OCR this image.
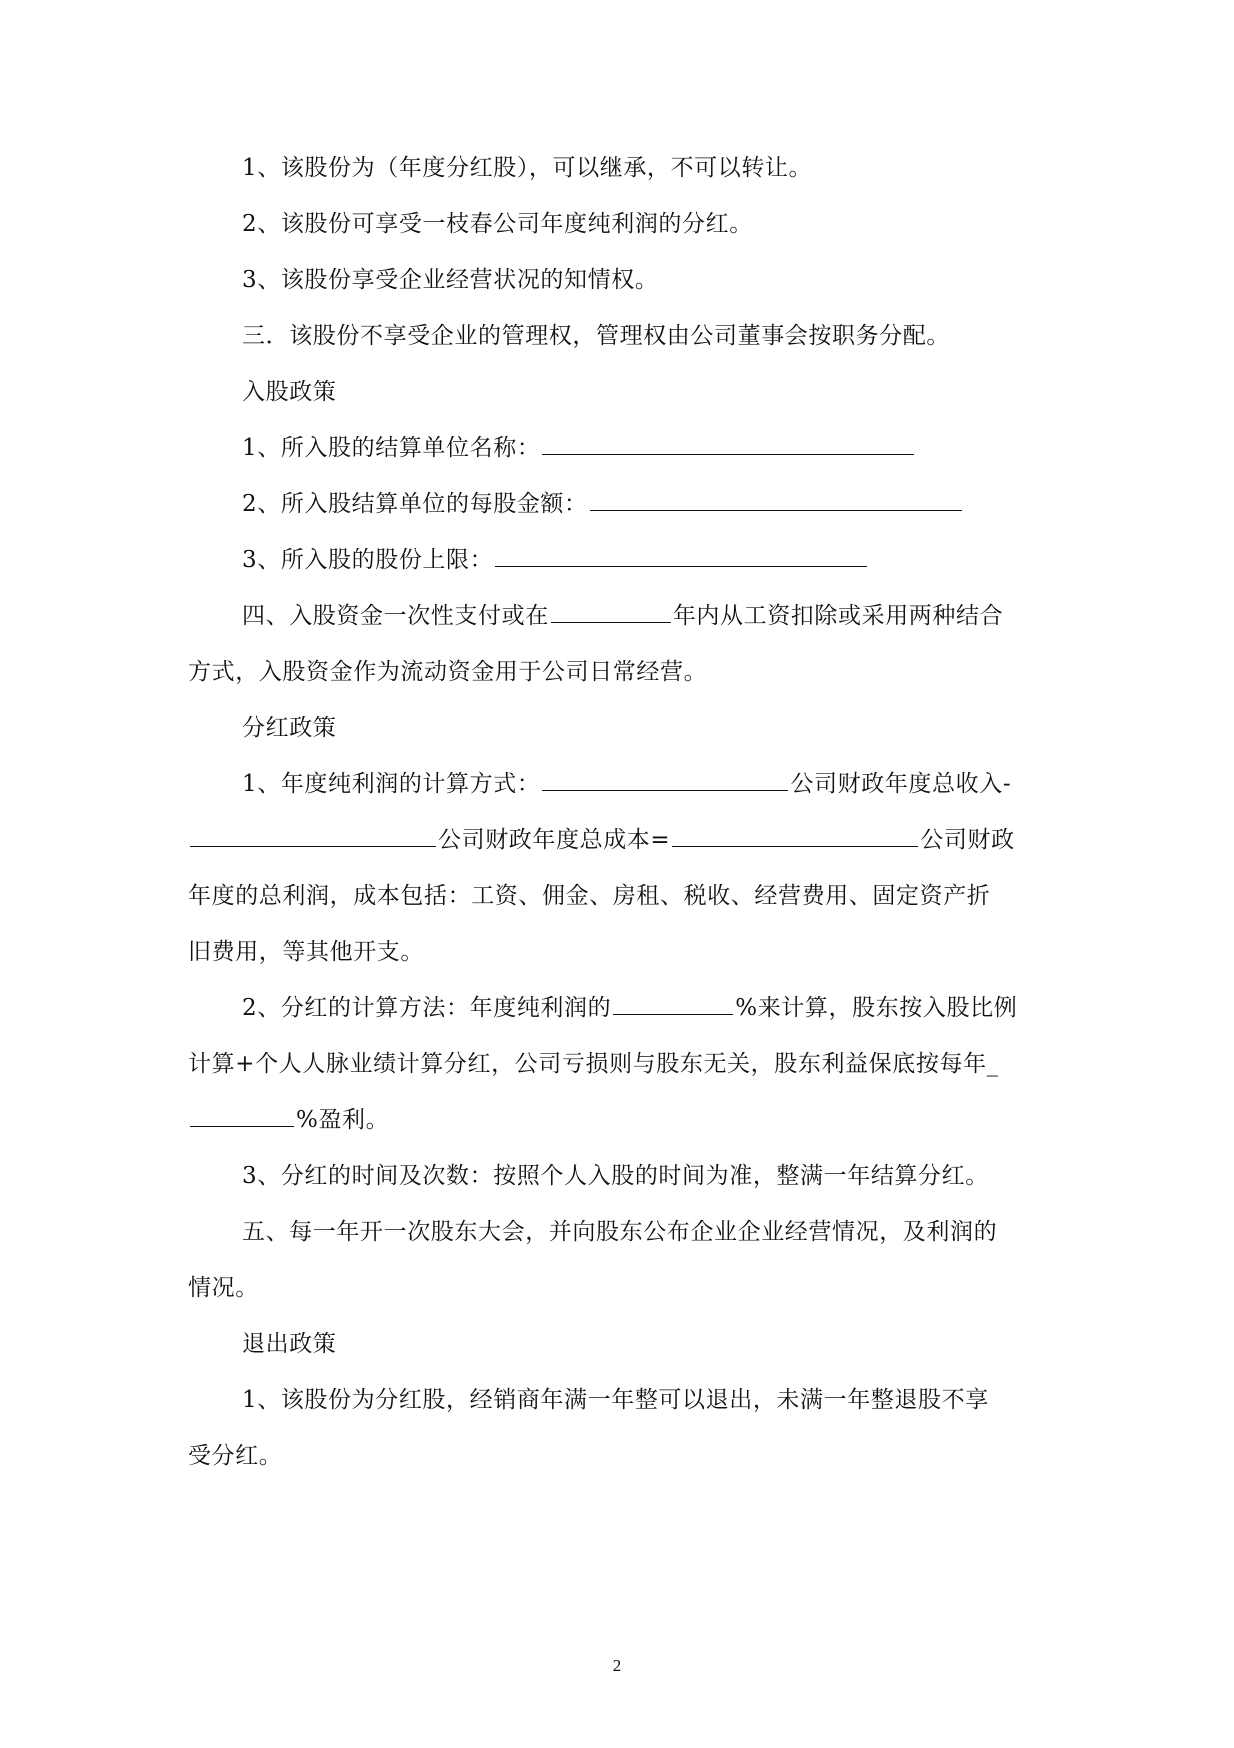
1、该股份为（年度分红股），可以继承，不可以转让。
2、该股份可享受一枝春公司年度纯利润的分红。
3、该股份享受企业经营状况的知情权。
三．该股份不享受企业的管理权，管理权由公司董事会按职务分配。
入股政策
1、所入股的结算单位名称：
2、所入股结算单位的每股金额：
3、所入股的股份上限：
四、入股资金一次性支付或在	年内从工资扣除或采用两种结合
方式，入股资金作为流动资金用于公司日常经营。
分红政策
1、年度纯利润的计算方式：	公司财政年度总收入-
公司财政年度总成本=	公司财政
年度的总利润，成本包括：工资、佣金、房租、税收、经营费用、固定资产折
旧费用，等其他开支。
2、分红的计算方法：年度纯利润的	%来计算，股东按入股比例
计算+个人人脉业绩计算分红，公司亏损则与股东无关，股东利益保底按每年_
%盈利。
3、分红的时间及次数：按照个人入股的时间为准，整满一年结算分红。
五、每一年开一次股东大会，并向股东公布企业企业经营情况，及利润的
情况。
退出政策
1、该股份为分红股，经销商年满一年整可以退出，未满一年整退股不享
受分红。
2
